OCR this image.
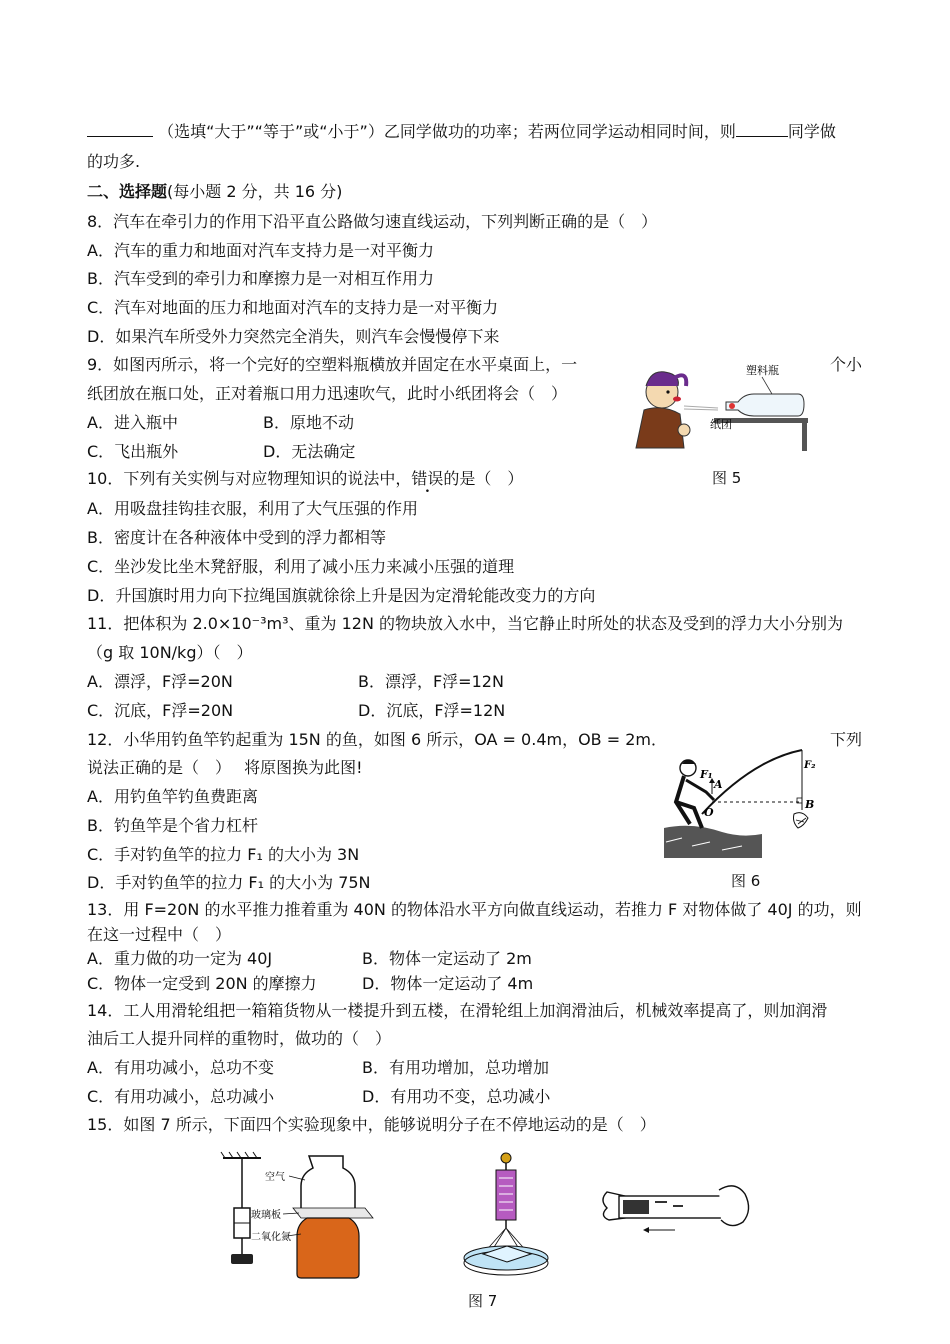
（选填“大于”“等于”或“小于”）乙同学做功的功率；若两位同学运动相同时间，则	同学做
的功多.
二、选择题(每小题 2 分，共 16 分)
8．汽车在牵引力的作用下沿平直公路做匀速直线运动，下列判断正确的是（　）
A．汽车的重力和地面对汽车支持力是一对平衡力
B．汽车受到的牵引力和摩擦力是一对相互作用力
C．汽车对地面的压力和地面对汽车的支持力是一对平衡力
D．如果汽车所受外力突然完全消失，则汽车会慢慢停下来
9．如图丙所示，将一个完好的空塑料瓶横放并固定在水平桌面上，一	个小
纸团放在瓶口处，正对着瓶口用力迅速吹气，此时小纸团将会（　）
A．进入瓶中	B．原地不动
C．飞出瓶外	D．无法确定
塑料瓶
纸团
图 5
10．下列有关实例与对应物理知识的说法中，错误的是（　）
A．用吸盘挂钩挂衣服，利用了大气压强的作用
B．密度计在各种液体中受到的浮力都相等
C．坐沙发比坐木凳舒服，利用了减小压力来减小压强的道理
D．升国旗时用力向下拉绳国旗就徐徐上升是因为定滑轮能改变力的方向
11．把体积为 2.0×10⁻³m³、重为 12N 的物块放入水中，当它静止时所处的状态及受到的浮力大小分别为
（g 取 10N/kg）（　）
A．漂浮，F浮=20N	B．漂浮，F浮=12N
C．沉底，F浮=20N	D．沉底，F浮=12N
12．小华用钓鱼竿钓起重为 15N 的鱼，如图 6 所示，OA = 0.4m，OB = 2m．	下列
说法正确的是（　）　 将原图换为此图!
A．用钓鱼竿钓鱼费距离
B．钓鱼竿是个省力杠杆
C．手对钓鱼竿的拉力 F₁ 的大小为 3N
D．手对钓鱼竿的拉力 F₁ 的大小为 75N
F₁
A
O
F₂
B
图 6
13．用 F=20N 的水平推力推着重为 40N 的物体沿水平方向做直线运动，若推力 F 对物体做了 40J 的功，则
在这一过程中（　）
A．重力做的功一定为 40J	B．物体一定运动了 2m
C．物体一定受到 20N 的摩擦力	D．物体一定运动了 4m
14．工人用滑轮组把一箱箱货物从一楼提升到五楼，在滑轮组上加润滑油后，机械效率提高了，则加润滑
油后工人提升同样的重物时，做功的（　）
A．有用功减小，总功不变	B．有用功增加，总功增加
C．有用功减小，总功减小	D．有用功不变，总功减小
15．如图 7 所示，下面四个实验现象中，能够说明分子在不停地运动的是（　）
空气
玻璃板
二氧化氮
图 7
